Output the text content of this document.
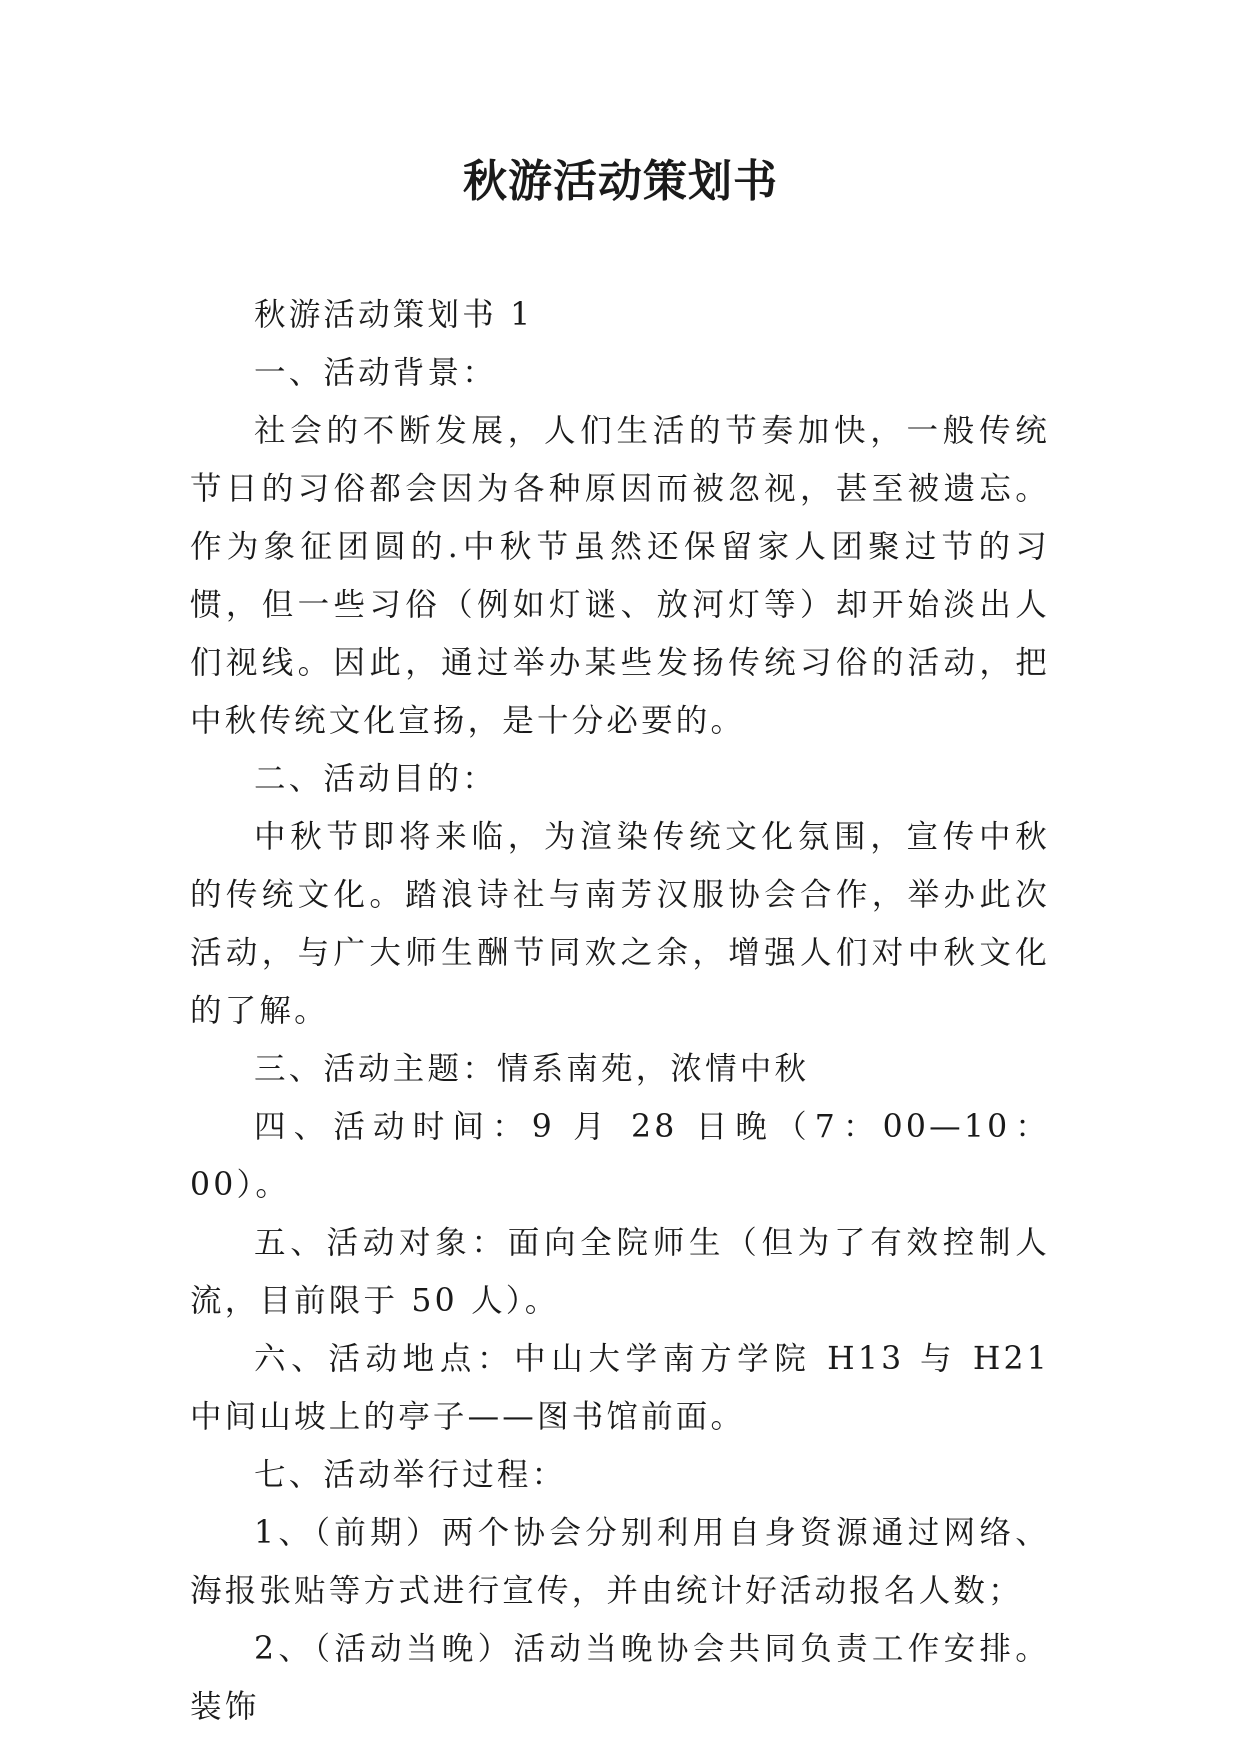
秋游活动策划书

秋游活动策划书 1

一、活动背景：

社会的不断发展，人们生活的节奏加快，一般传统节日的习俗都会因为各种原因而被忽视，甚至被遗忘。作为象征团圆的.中秋节虽然还保留家人团聚过节的习惯，但一些习俗（例如灯谜、放河灯等）却开始淡出人们视线。因此，通过举办某些发扬传统习俗的活动，把中秋传统文化宣扬，是十分必要的。

二、活动目的：

中秋节即将来临，为渲染传统文化氛围，宣传中秋的传统文化。踏浪诗社与南芳汉服协会合作，举办此次活动，与广大师生酬节同欢之余，增强人们对中秋文化的了解。

三、活动主题：情系南苑，浓情中秋

四、活动时间：9 月 28 日晚（7：00—10：00）。

五、活动对象：面向全院师生（但为了有效控制人流，目前限于 50 人）。

六、活动地点：中山大学南方学院 H13 与 H21 中间山坡上的亭子——图书馆前面。

七、活动举行过程：

1、（前期）两个协会分别利用自身资源通过网络、海报张贴等方式进行宣传，并由统计好活动报名人数；

2、（活动当晚）活动当晚协会共同负责工作安排。装饰
